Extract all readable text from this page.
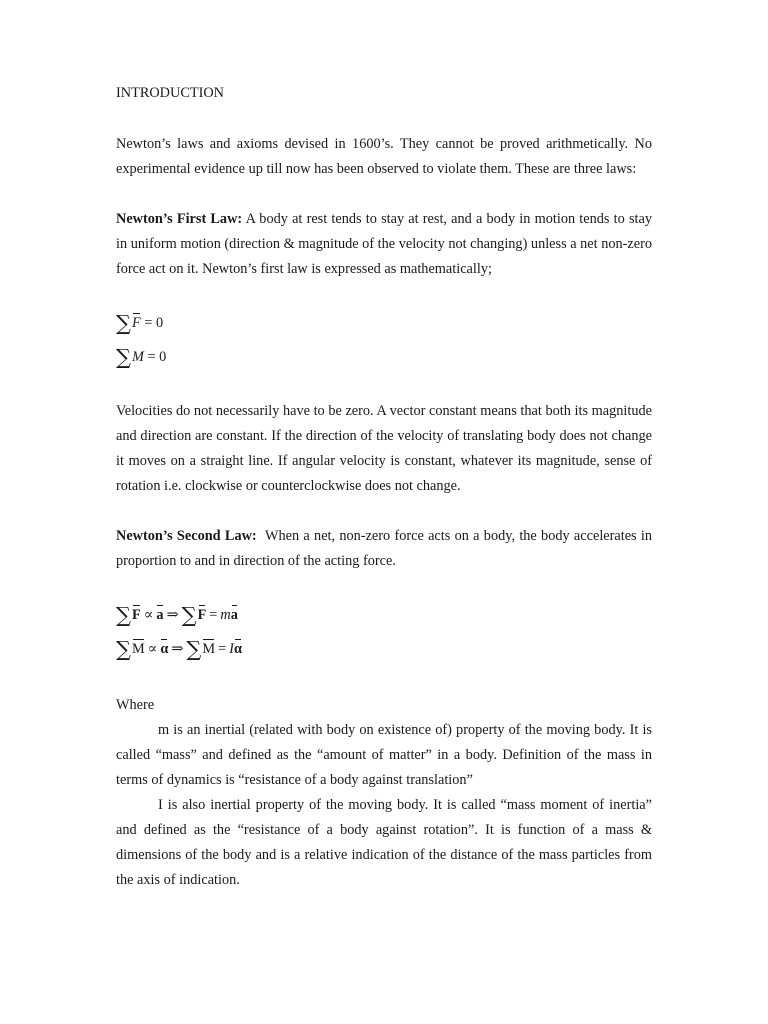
INTRODUCTION
Newton’s laws and axioms devised in 1600’s. They cannot be proved arithmetically. No
experimental evidence up till now has been observed to violate them. These are three laws:
Newton’s First Law: A body at rest tends to stay at rest, and a body in motion tends to stay
in uniform motion (direction & magnitude of the velocity not changing) unless a net non-zero
force act on it. Newton’s first law is expressed as mathematically;
∑F = 0
∑M = 0
Velocities do not necessarily have to be zero. A vector constant means that both its magnitude
and direction are constant. If the direction of the velocity of translating body does not change
it moves on a straight line. If angular velocity is constant, whatever its magnitude, sense of
rotation i.e. clockwise or counterclockwise does not change.
Newton’s Second Law: When a net, non-zero force acts on a body, the body accelerates in
proportion to and in direction of the acting force.
∑F ∝ a ⇒ ∑F = ma
∑M ∝ α ⇒ ∑M = Iα
Where
m is an inertial (related with body on existence of) property of the moving body. It is
called “mass” and defined as the “amount of matter” in a body. Definition of the mass in
terms of dynamics is “resistance of a body against translation”
I is also inertial property of the moving body. It is called “mass moment of inertia”
and defined as the “resistance of a body against rotation”. It is function of a mass &
dimensions of the body and is a relative indication of the distance of the mass particles from
the axis of indication.
